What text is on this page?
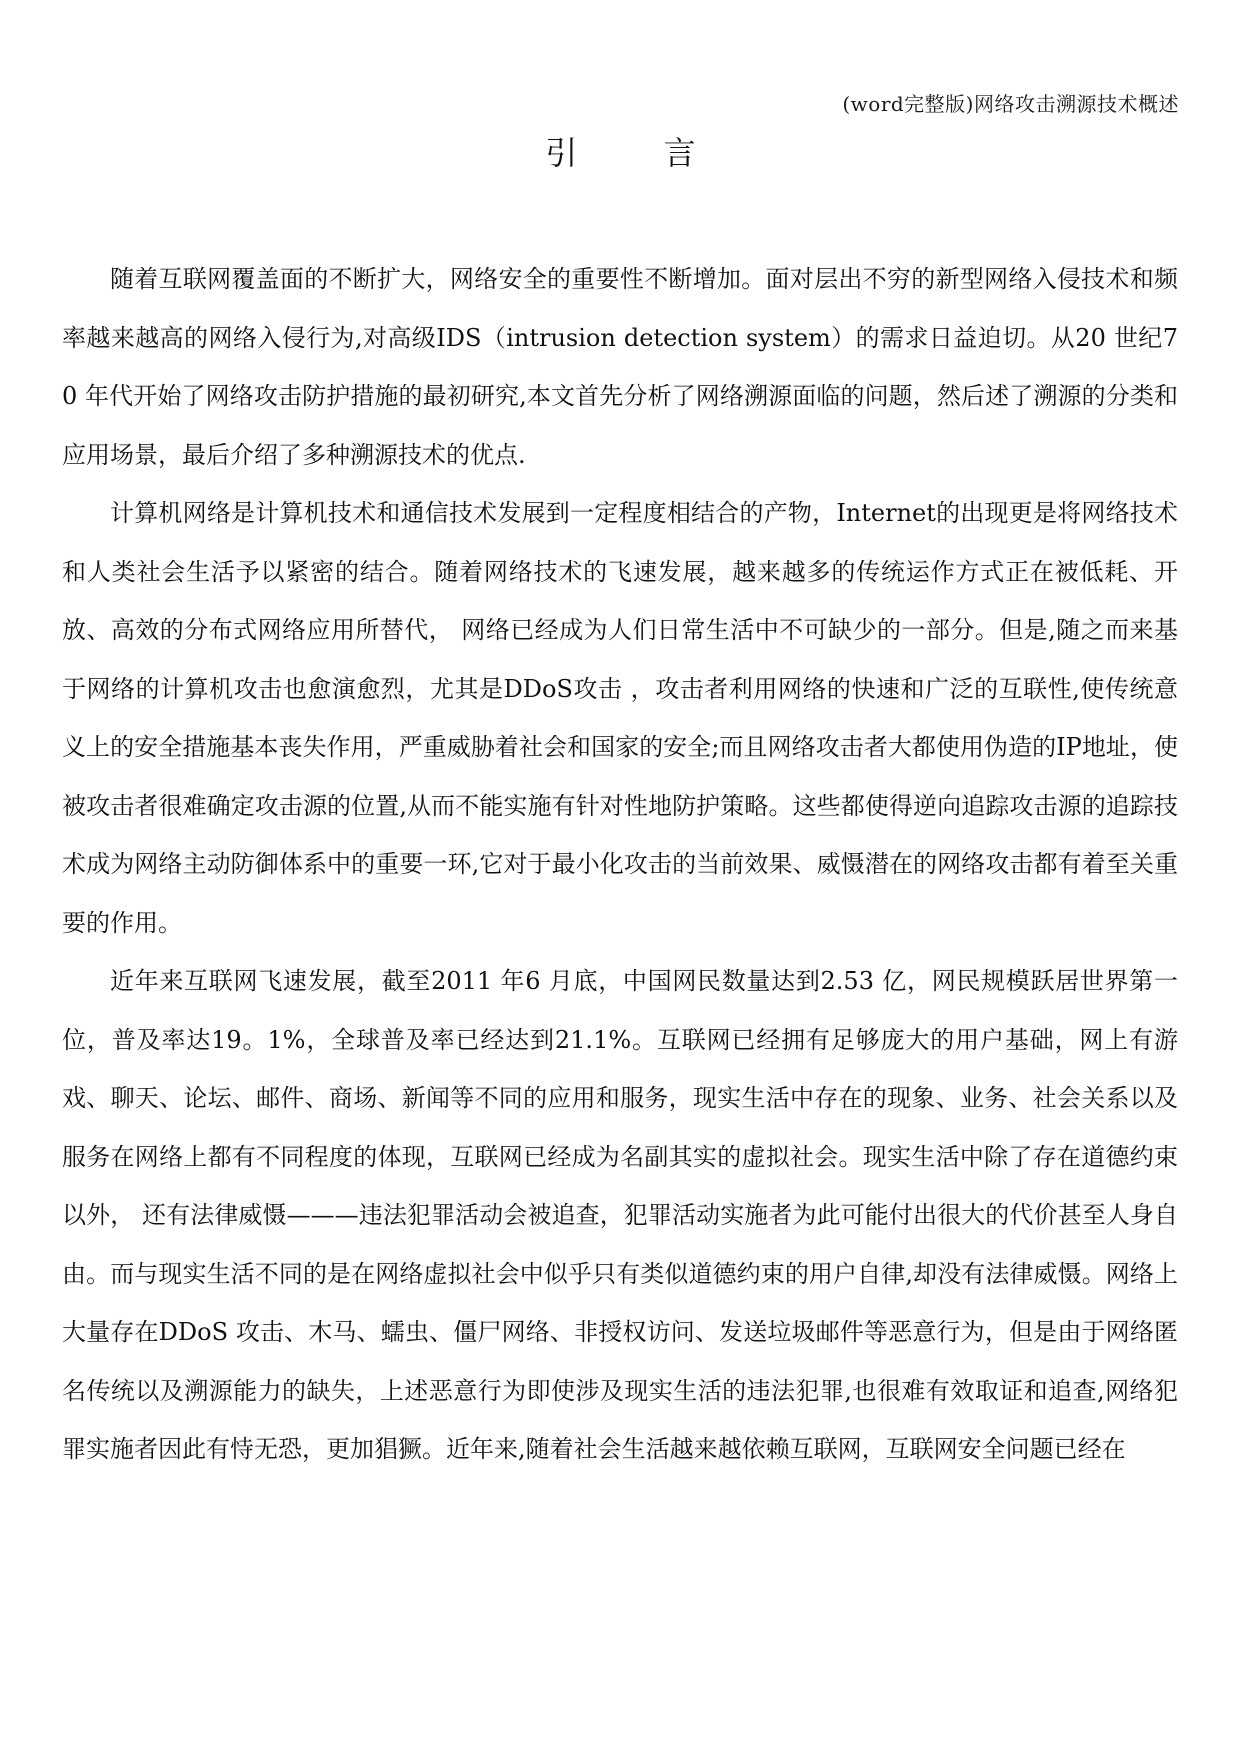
(word完整版)网络攻击溯源技术概述
引 言

随着互联网覆盖面的不断扩大，网络安全的重要性不断增加。面对层出不穷的新型网络入侵技术和频率越来越高的网络入侵行为,对高级IDS（intrusion detection system）的需求日益迫切。从20 世纪70 年代开始了网络攻击防护措施的最初研究,本文首先分析了网络溯源面临的问题，然后述了溯源的分类和应用场景，最后介绍了多种溯源技术的优点.

计算机网络是计算机技术和通信技术发展到一定程度相结合的产物，Internet的出现更是将网络技术和人类社会生活予以紧密的结合。随着网络技术的飞速发展，越来越多的传统运作方式正在被低耗、开放、高效的分布式网络应用所替代， 网络已经成为人们日常生活中不可缺少的一部分。但是,随之而来基于网络的计算机攻击也愈演愈烈，尤其是DDoS攻击 ，攻击者利用网络的快速和广泛的互联性,使传统意义上的安全措施基本丧失作用，严重威胁着社会和国家的安全;而且网络攻击者大都使用伪造的IP地址，使被攻击者很难确定攻击源的位置,从而不能实施有针对性地防护策略。这些都使得逆向追踪攻击源的追踪技术成为网络主动防御体系中的重要一环,它对于最小化攻击的当前效果、威慑潜在的网络攻击都有着至关重要的作用。

近年来互联网飞速发展，截至2011 年6 月底，中国网民数量达到2.53 亿，网民规模跃居世界第一位，普及率达19。1%，全球普及率已经达到21.1%。互联网已经拥有足够庞大的用户基础，网上有游戏、聊天、论坛、邮件、商场、新闻等不同的应用和服务，现实生活中存在的现象、业务、社会关系以及服务在网络上都有不同程度的体现，互联网已经成为名副其实的虚拟社会。现实生活中除了存在道德约束以外， 还有法律威慑———违法犯罪活动会被追查，犯罪活动实施者为此可能付出很大的代价甚至人身自由。而与现实生活不同的是在网络虚拟社会中似乎只有类似道德约束的用户自律,却没有法律威慑。网络上大量存在DDoS 攻击、木马、蠕虫、僵尸网络、非授权访问、发送垃圾邮件等恶意行为，但是由于网络匿名传统以及溯源能力的缺失，上述恶意行为即使涉及现实生活的违法犯罪,也很难有效取证和追查,网络犯罪实施者因此有恃无恐，更加猖獗。近年来,随着社会生活越来越依赖互联网，互联网安全问题已经在
